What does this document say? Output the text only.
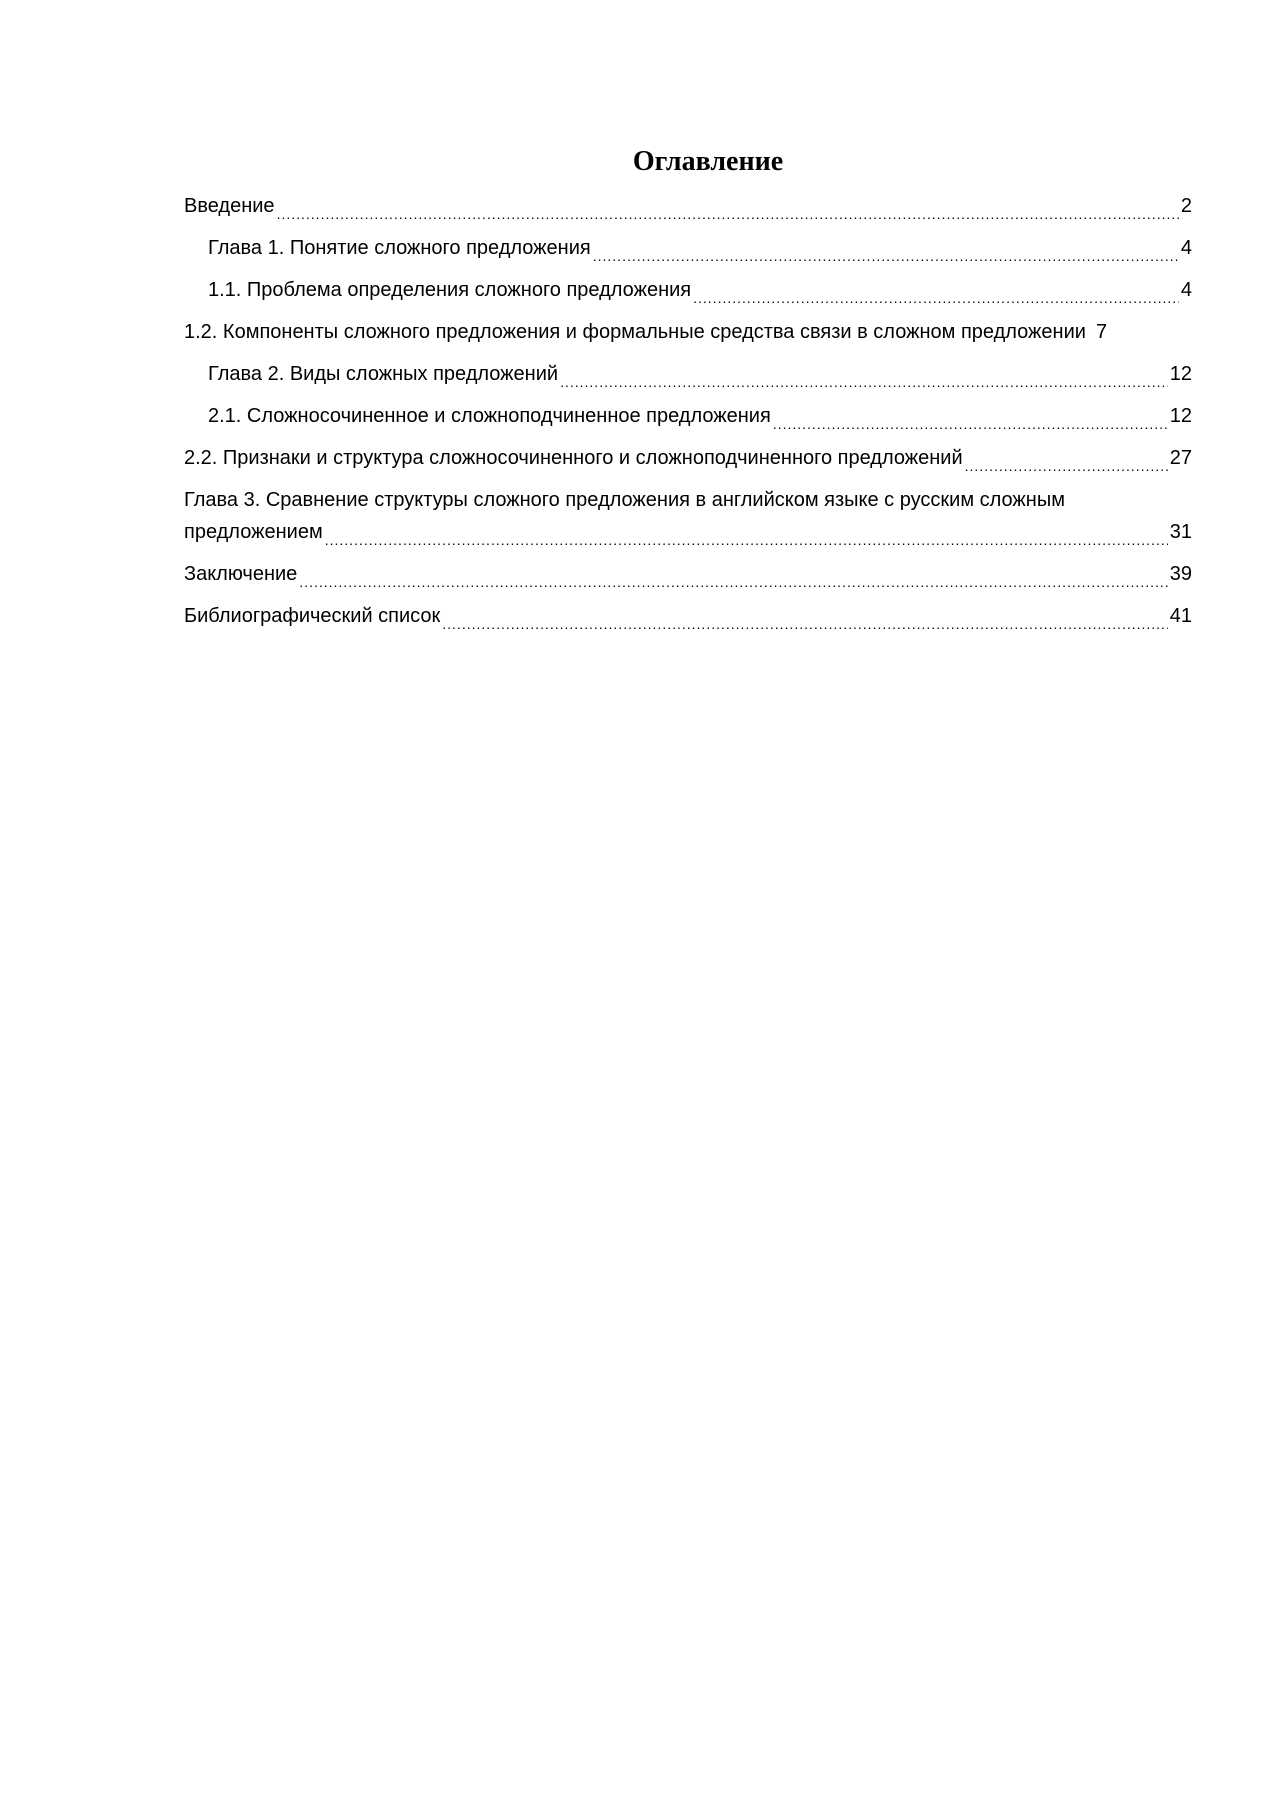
Оглавление
Введение .....	2
Глава 1. Понятие сложного предложения .....	4
1.1. Проблема определения сложного предложения .....	4
1.2. Компоненты сложного предложения и формальные средства связи в сложном предложении 7
Глава 2. Виды сложных предложений .....	12
2.1. Сложносочиненное и сложноподчиненное предложения .....	12
2.2. Признаки и структура сложносочиненного и сложноподчиненного предложений .....	27
Глава 3. Сравнение структуры сложного предложения в английском языке с русским сложным
предложением .....	31
Заключение .....	39
Библиографический список .....	41
